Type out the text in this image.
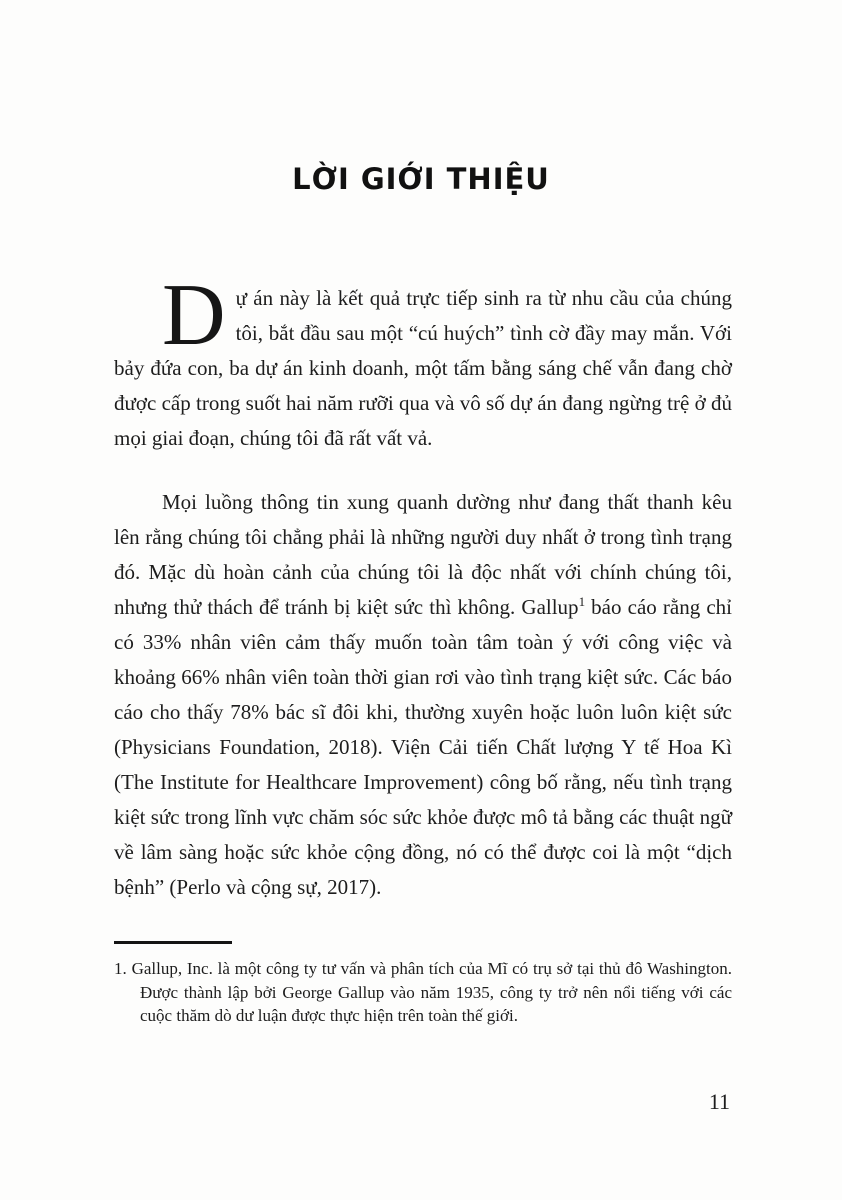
LỜI GIỚI THIỆU

Dự án này là kết quả trực tiếp sinh ra từ nhu cầu của chúng tôi, bắt đầu sau một “cú huých” tình cờ đầy may mắn. Với bảy đứa con, ba dự án kinh doanh, một tấm bằng sáng chế vẫn đang chờ được cấp trong suốt hai năm rưỡi qua và vô số dự án đang ngừng trệ ở đủ mọi giai đoạn, chúng tôi đã rất vất vả.

Mọi luồng thông tin xung quanh dường như đang thất thanh kêu lên rằng chúng tôi chẳng phải là những người duy nhất ở trong tình trạng đó. Mặc dù hoàn cảnh của chúng tôi là độc nhất với chính chúng tôi, nhưng thử thách để tránh bị kiệt sức thì không. Gallup$^1$ báo cáo rằng chỉ có 33% nhân viên cảm thấy muốn toàn tâm toàn ý với công việc và khoảng 66% nhân viên toàn thời gian rơi vào tình trạng kiệt sức. Các báo cáo cho thấy 78% bác sĩ đôi khi, thường xuyên hoặc luôn luôn kiệt sức (Physicians Foundation, 2018). Viện Cải tiến Chất lượng Y tế Hoa Kì (The Institute for Healthcare Improvement) công bố rằng, nếu tình trạng kiệt sức trong lĩnh vực chăm sóc sức khỏe được mô tả bằng các thuật ngữ về lâm sàng hoặc sức khỏe cộng đồng, nó có thể được coi là một “dịch bệnh” (Perlo và cộng sự, 2017).

1. Gallup, Inc. là một công ty tư vấn và phân tích của Mĩ có trụ sở tại thủ đô Washington. Được thành lập bởi George Gallup vào năm 1935, công ty trở nên nổi tiếng với các cuộc thăm dò dư luận được thực hiện trên toàn thế giới.

11
